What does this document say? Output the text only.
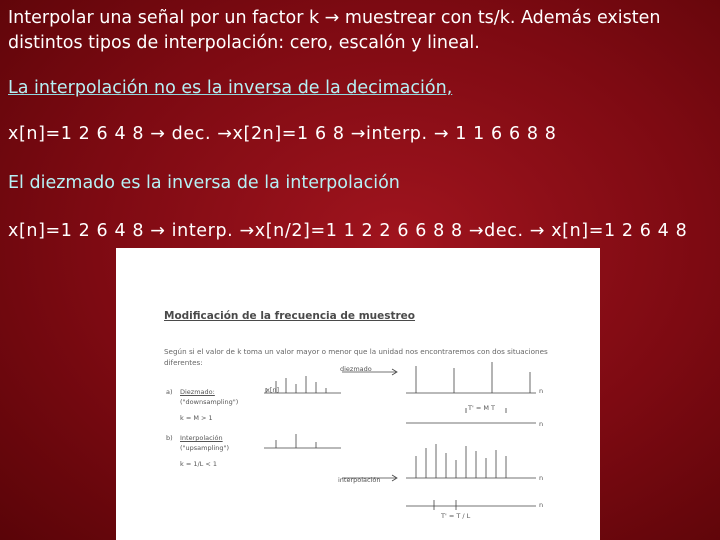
Interpolar una señal por un factor k → muestrear con ts/k. Además existen
distintos tipos de interpolación: cero, escalón y lineal.
La interpolación no es la inversa de la decimación,
x[n]=1 2 6 4 8 → dec. →x[2n]=1 6 8 →interp. → 1 1 6 6 8 8
El diezmado es la inversa de la interpolación
x[n]=1 2 6 4 8 → interp. →x[n/2]=1 1 2 2 6 6 8 8 →dec. → x[n]=1 2 6 4 8
Modificación de la frecuencia de muestreo
Según si el valor de k toma un valor mayor o menor que la unidad nos encontraremos con dos situaciones diferentes:
a) Diezmado:
("downsampling")
k = M > 1
b) Interpolación
("upsampling")
k = 1/L < 1
x[n]
diezmado
interpolación
T' = M T
T' = T / L
n
n
n
n
